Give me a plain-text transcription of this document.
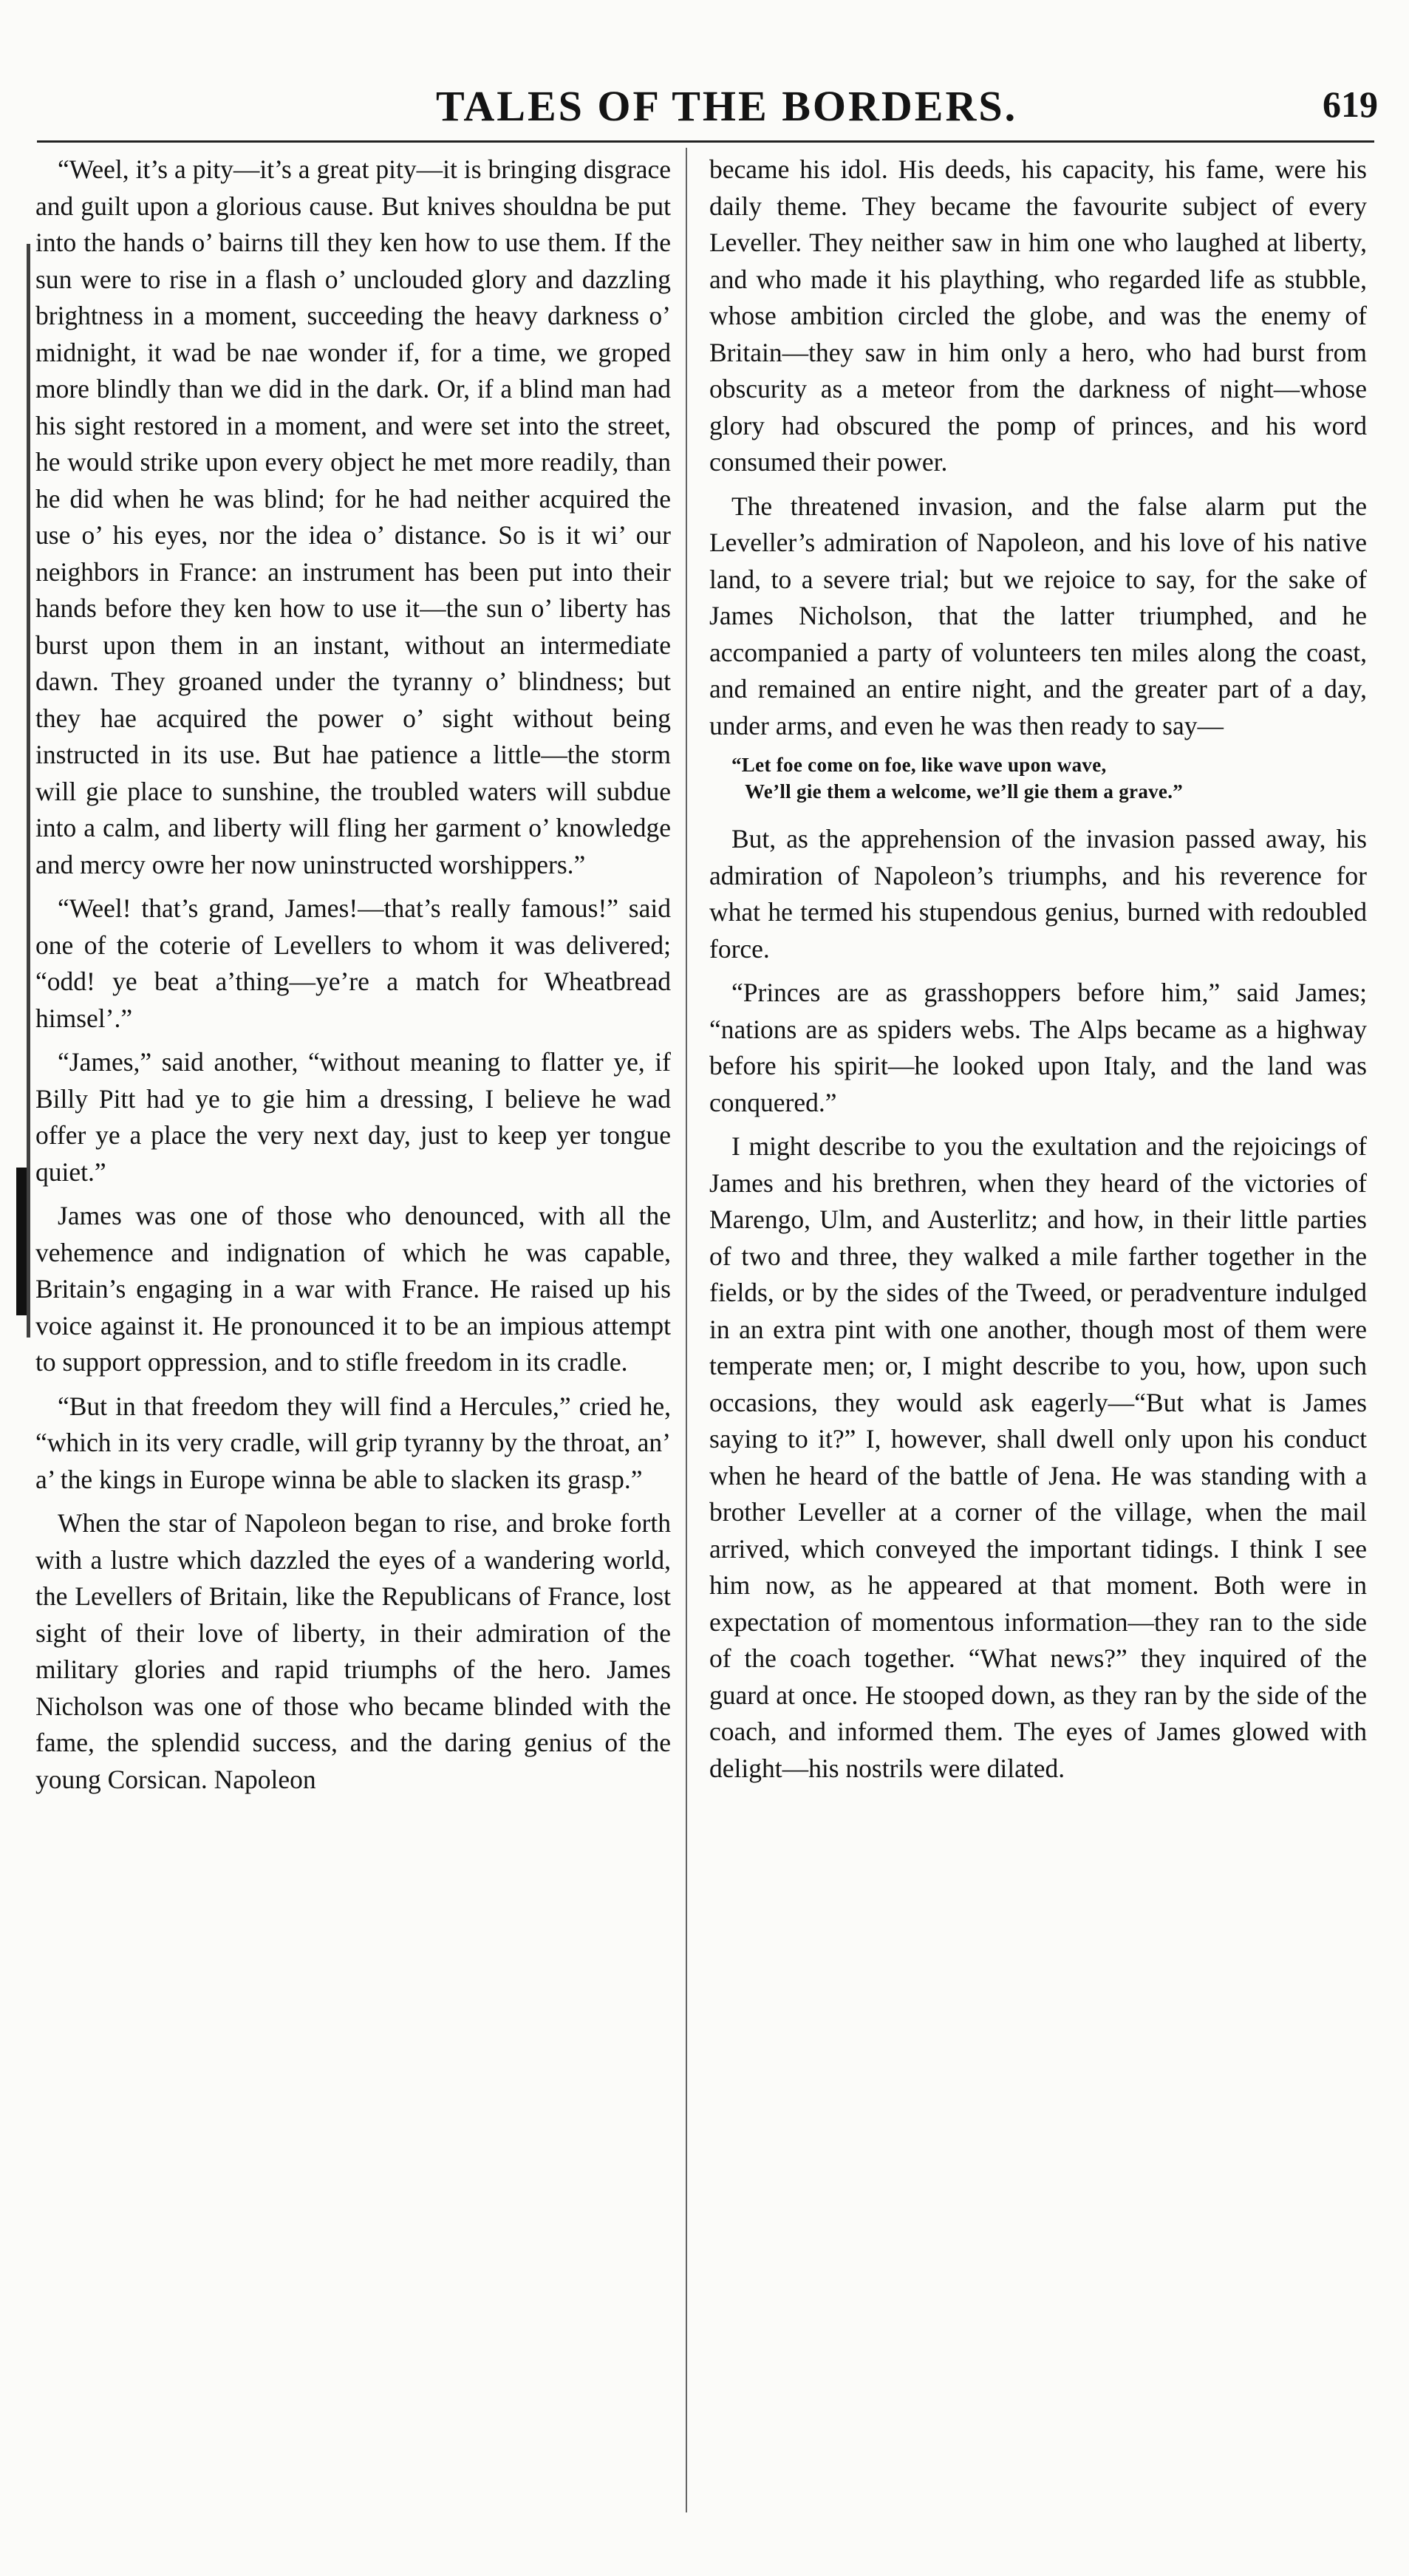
TALES OF THE BORDERS.	619

“Weel, it’s a pity—it’s a great pity—it is bringing disgrace and guilt upon a glorious cause. But knives shouldna be put into the hands o’ bairns till they ken how to use them. If the sun were to rise in a flash o’ unclouded glory and dazzling brightness in a moment, succeeding the heavy darkness o’ midnight, it wad be nae wonder if, for a time, we groped more blindly than we did in the dark. Or, if a blind man had his sight restored in a moment, and were set into the street, he would strike upon every object he met more readily, than he did when he was blind; for he had neither acquired the use o’ his eyes, nor the idea o’ distance. So is it wi’ our neighbors in France: an instrument has been put into their hands before they ken how to use it—the sun o’ liberty has burst upon them in an instant, without an intermediate dawn. They groaned under the tyranny o’ blindness; but they hae acquired the power o’ sight without being instructed in its use. But hae patience a little—the storm will gie place to sunshine, the troubled waters will subdue into a calm, and liberty will fling her garment o’ knowledge and mercy owre her now uninstructed worshippers.”

“Weel! that’s grand, James!—that’s really famous!” said one of the coterie of Levellers to whom it was delivered; “odd! ye beat a’thing—ye’re a match for Wheatbread himsel’.”

“James,” said another, “without meaning to flatter ye, if Billy Pitt had ye to gie him a dressing, I believe he wad offer ye a place the very next day, just to keep yer tongue quiet.”

James was one of those who denounced, with all the vehemence and indignation of which he was capable, Britain’s engaging in a war with France. He raised up his voice against it. He pronounced it to be an impious attempt to support oppression, and to stifle freedom in its cradle.

“But in that freedom they will find a Hercules,” cried he, “which in its very cradle, will grip tyranny by the throat, an’ a’ the kings in Europe winna be able to slacken its grasp.”

When the star of Napoleon began to rise, and broke forth with a lustre which dazzled the eyes of a wandering world, the Levellers of Britain, like the Republicans of France, lost sight of their love of liberty, in their admiration of the military glories and rapid triumphs of the hero. James Nicholson was one of those who became blinded with the fame, the splendid success, and the daring genius of the young Corsican. Napoleon

became his idol. His deeds, his capacity, his fame, were his daily theme. They became the favourite subject of every Leveller. They neither saw in him one who laughed at liberty, and who made it his plaything, who regarded life as stubble, whose ambition circled the globe, and was the enemy of Britain—they saw in him only a hero, who had burst from obscurity as a meteor from the darkness of night—whose glory had obscured the pomp of princes, and his word consumed their power.

The threatened invasion, and the false alarm put the Leveller’s admiration of Napoleon, and his love of his native land, to a severe trial; but we rejoice to say, for the sake of James Nicholson, that the latter triumphed, and he accompanied a party of volunteers ten miles along the coast, and remained an entire night, and the greater part of a day, under arms, and even he was then ready to say—

“Let foe come on foe, like wave upon wave,
We’ll gie them a welcome, we’ll gie them a grave.”

But, as the apprehension of the invasion passed away, his admiration of Napoleon’s triumphs, and his reverence for what he termed his stupendous genius, burned with redoubled force.

“Princes are as grasshoppers before him,” said James; “nations are as spiders webs. The Alps became as a highway before his spirit—he looked upon Italy, and the land was conquered.”

I might describe to you the exultation and the rejoicings of James and his brethren, when they heard of the victories of Marengo, Ulm, and Austerlitz; and how, in their little parties of two and three, they walked a mile farther together in the fields, or by the sides of the Tweed, or peradventure indulged in an extra pint with one another, though most of them were temperate men; or, I might describe to you, how, upon such occasions, they would ask eagerly—“But what is James saying to it?” I, however, shall dwell only upon his conduct when he heard of the battle of Jena. He was standing with a brother Leveller at a corner of the village, when the mail arrived, which conveyed the important tidings. I think I see him now, as he appeared at that moment. Both were in expectation of momentous information—they ran to the side of the coach together. “What news?” they inquired of the guard at once. He stooped down, as they ran by the side of the coach, and informed them. The eyes of James glowed with delight—his nostrils were dilated.
